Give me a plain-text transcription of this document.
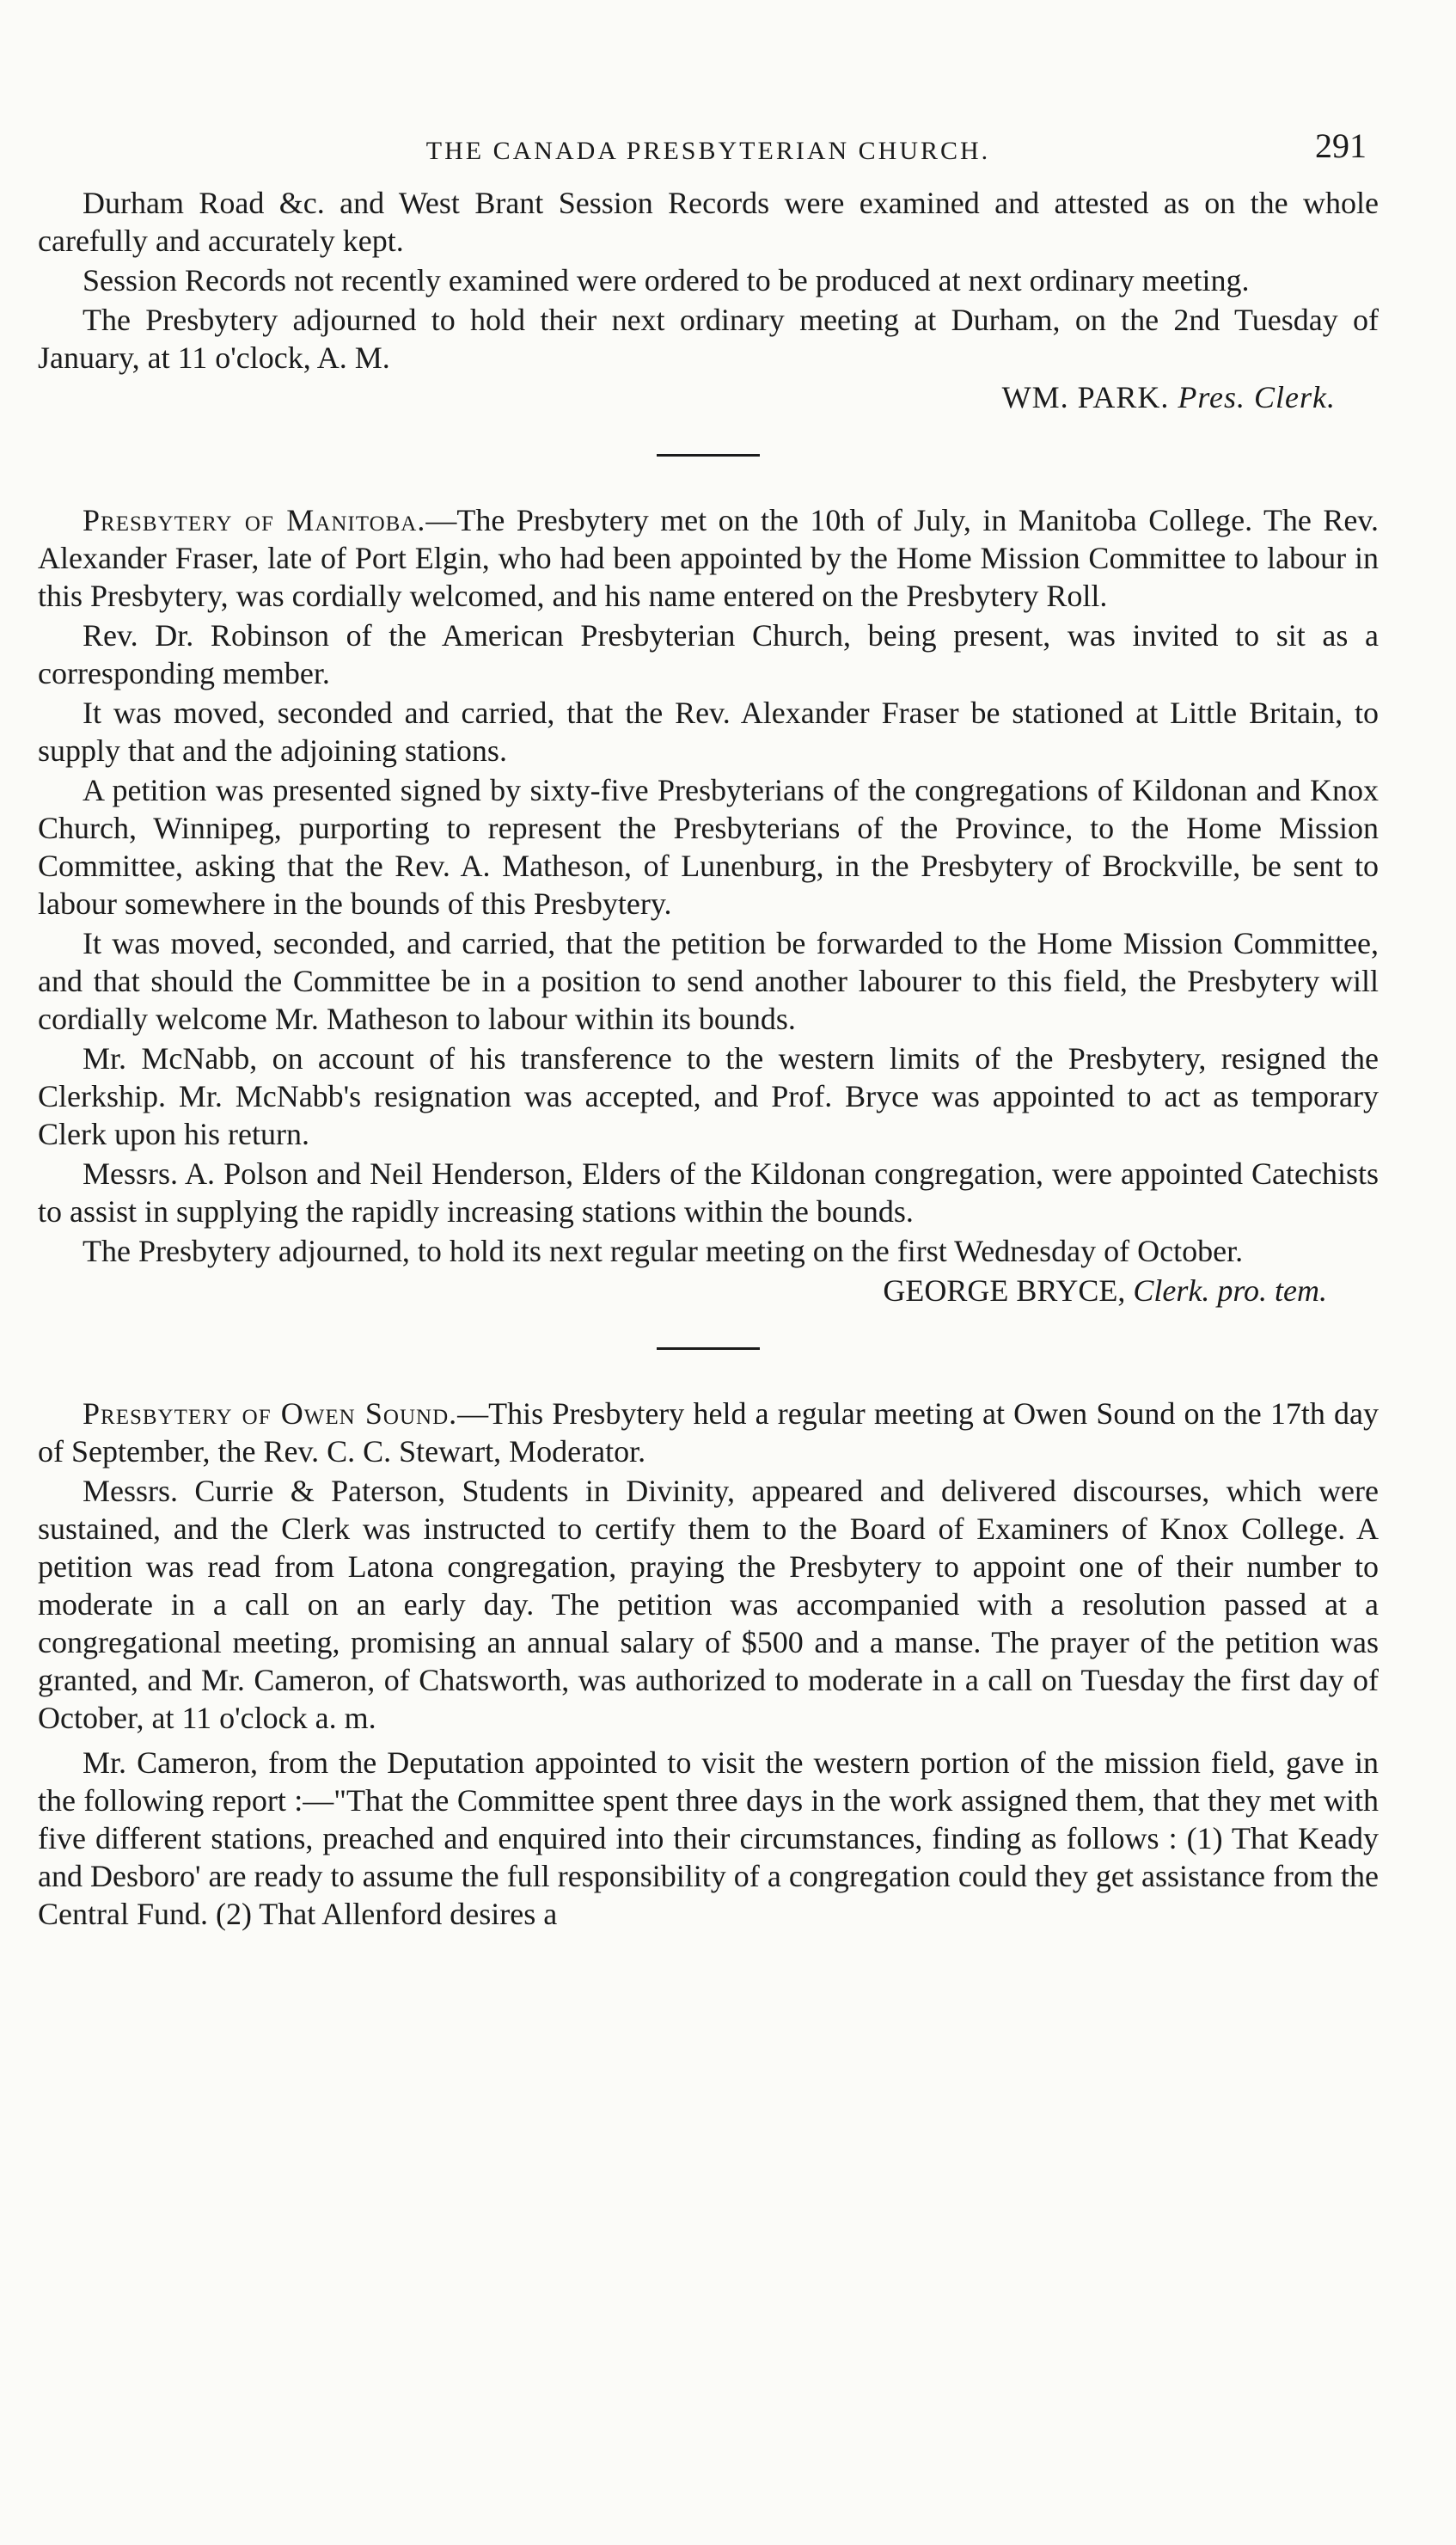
THE CANADA PRESBYTERIAN CHURCH.	291

Durham Road &c. and West Brant Session Records were examined and attested as on the whole carefully and accurately kept.

Session Records not recently examined were ordered to be produced at next ordinary meeting.

The Presbytery adjourned to hold their next ordinary meeting at Durham, on the 2nd Tuesday of January, at 11 o'clock, A. M.

WM. PARK. Pres. Clerk.

Presbytery of Manitoba.—The Presbytery met on the 10th of July, in Manitoba College. The Rev. Alexander Fraser, late of Port Elgin, who had been appointed by the Home Mission Committee to labour in this Presbytery, was cordially welcomed, and his name entered on the Presbytery Roll.

Rev. Dr. Robinson of the American Presbyterian Church, being present, was invited to sit as a corresponding member.

It was moved, seconded and carried, that the Rev. Alexander Fraser be stationed at Little Britain, to supply that and the adjoining stations.

A petition was presented signed by sixty-five Presbyterians of the congregations of Kildonan and Knox Church, Winnipeg, purporting to represent the Presbyterians of the Province, to the Home Mission Committee, asking that the Rev. A. Matheson, of Lunenburg, in the Presbytery of Brockville, be sent to labour somewhere in the bounds of this Presbytery.

It was moved, seconded, and carried, that the petition be forwarded to the Home Mission Committee, and that should the Committee be in a position to send another labourer to this field, the Presbytery will cordially welcome Mr. Matheson to labour within its bounds.

Mr. McNabb, on account of his transference to the western limits of the Presbytery, resigned the Clerkship. Mr. McNabb's resignation was accepted, and Prof. Bryce was appointed to act as temporary Clerk upon his return.

Messrs. A. Polson and Neil Henderson, Elders of the Kildonan congregation, were appointed Catechists to assist in supplying the rapidly increasing stations within the bounds.

The Presbytery adjourned, to hold its next regular meeting on the first Wednesday of October.

GEORGE BRYCE, Clerk. pro. tem.

Presbytery of Owen Sound.—This Presbytery held a regular meeting at Owen Sound on the 17th day of September, the Rev. C. C. Stewart, Moderator.

Messrs. Currie & Paterson, Students in Divinity, appeared and delivered discourses, which were sustained, and the Clerk was instructed to certify them to the Board of Examiners of Knox College. A petition was read from Latona congregation, praying the Presbytery to appoint one of their number to moderate in a call on an early day. The petition was accompanied with a resolution passed at a congregational meeting, promising an annual salary of $500 and a manse. The prayer of the petition was granted, and Mr. Cameron, of Chatsworth, was authorized to moderate in a call on Tuesday the first day of October, at 11 o'clock a. m.

Mr. Cameron, from the Deputation appointed to visit the western portion of the mission field, gave in the following report :—"That the Committee spent three days in the work assigned them, that they met with five different stations, preached and enquired into their circumstances, finding as follows : (1) That Keady and Desboro' are ready to assume the full responsibility of a congregation could they get assistance from the Central Fund. (2) That Allenford desires a
